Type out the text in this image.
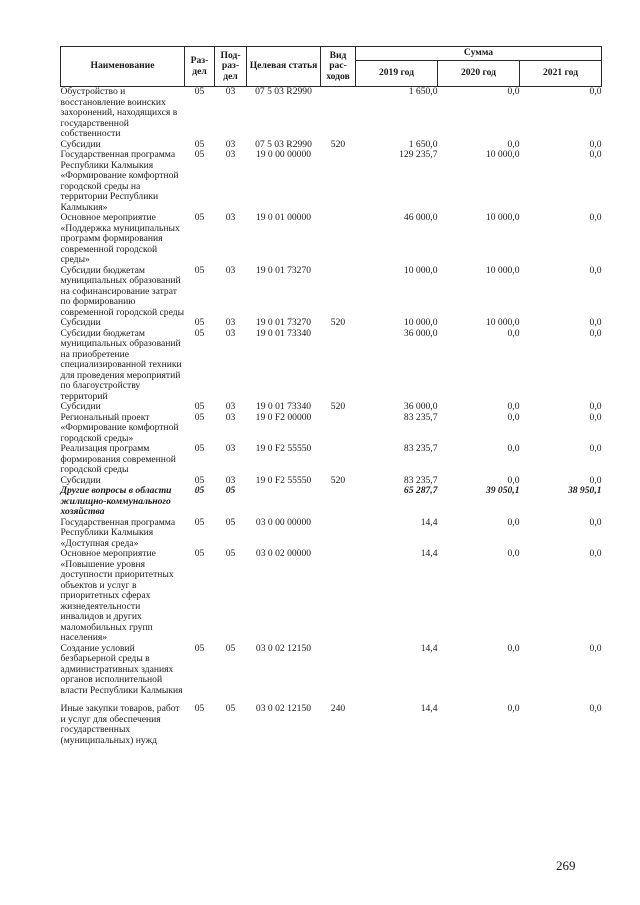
Наименование	Раз-дел	Под-раз-дел	Целевая статья	Вид рас-ходов	Сумма		
					2019 год	2020 год	2021 год
Обустройство и восстановление воинских захоронений, находящихся в государственной собственности	05	03	07 5 03 R2990		1 650,0	0,0	0,0
Субсидии	05	03	07 5 03 R2990	520	1 650,0	0,0	0,0
Государственная программа Республики Калмыкия «Формирование комфортной городской среды на территории Республики Калмыкия»	05	03	19 0 00 00000		129 235,7	10 000,0	0,0
Основное мероприятие «Поддержка муниципальных программ формирования современной городской среды»	05	03	19 0 01 00000		46 000,0	10 000,0	0,0
Субсидии бюджетам муниципальных образований на софинансирование затрат по формированию современной городской среды	05	03	19 0 01 73270		10 000,0	10 000,0	0,0
Субсидии	05	03	19 0 01 73270	520	10 000,0	10 000,0	0,0
Субсидии бюджетам муниципальных образований на приобретение специализированной техники для проведения мероприятий по благоустройству территорий	05	03	19 0 01 73340		36 000,0	0,0	0,0
Субсидии	05	03	19 0 01 73340	520	36 000,0	0,0	0,0
Региональный проект «Формирование комфортной городской среды»	05	03	19 0 F2 00000		83 235,7	0,0	0,0
Реализация программ формирования современной городской среды	05	03	19 0 F2 55550		83 235,7	0,0	0,0
Субсидии	05	03	19 0 F2 55550	520	83 235,7	0,0	0,0
Другие вопросы в области жилищно-коммунального хозяйства	05	05			65 287,7	39 050,1	38 950,1
Государственная программа Республики Калмыкия «Доступная среда»	05	05	03 0 00 00000		14,4	0,0	0,0
Основное мероприятие «Повышение уровня доступности приоритетных объектов и услуг в приоритетных сферах жизнедеятельности инвалидов и других маломобильных групп населения»	05	05	03 0 02 00000		14,4	0,0	0,0
Создание условий безбарьерной среды в административных зданиях органов исполнительной власти Республики Калмыкия	05	05	03 0 02 12150		14,4	0,0	0,0
Иные закупки товаров, работ и услуг для обеспечения государственных (муниципальных) нужд	05	05	03 0 02 12150	240	14,4	0,0	0,0
269
